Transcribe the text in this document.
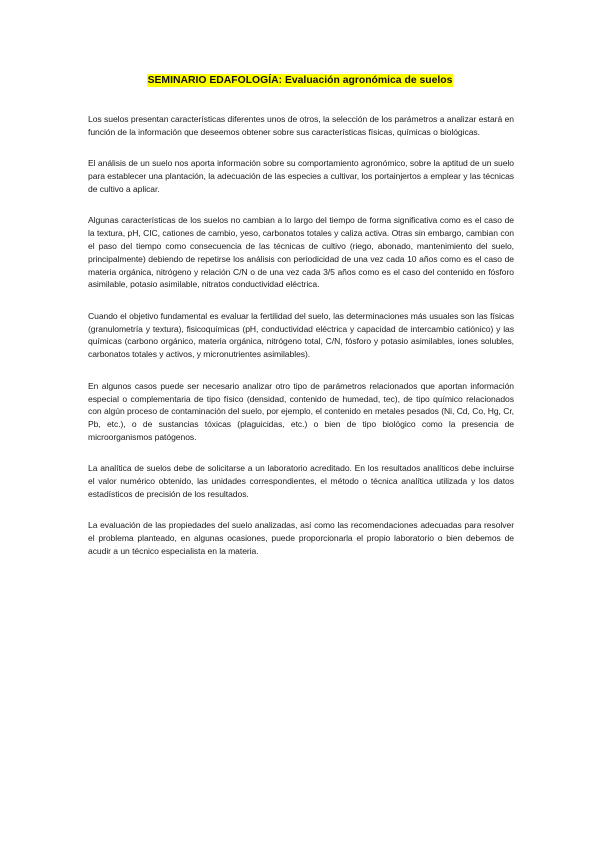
SEMINARIO EDAFOLOGÍA: Evaluación agronómica de suelos

Los suelos presentan características diferentes unos de otros, la selección de los parámetros a analizar estará en función de la información que deseemos obtener sobre sus características físicas, químicas o biológicas.

El análisis de un suelo nos aporta información sobre su comportamiento agronómico, sobre la aptitud de un suelo para establecer una plantación, la adecuación de las especies a cultivar, los portainjertos a emplear y las técnicas de cultivo a aplicar.

Algunas características de los suelos no cambian a lo largo del tiempo de forma significativa como es el caso de la textura, pH, CIC, cationes de cambio, yeso, carbonatos totales y caliza activa. Otras sin embargo, cambian con el paso del tiempo como consecuencia de las técnicas de cultivo (riego, abonado, mantenimiento del suelo, principalmente) debiendo de repetirse los análisis con periodicidad de una vez cada 10 años como es el caso de materia orgánica, nitrógeno y relación C/N o de una vez cada 3/5 años como es el caso del contenido en fósforo asimilable, potasio asimilable, nitratos conductividad eléctrica.

Cuando el objetivo fundamental es evaluar la fertilidad del suelo, las determinaciones más usuales son las físicas (granulometría y textura), fisicoquímicas (pH, conductividad eléctrica y capacidad de intercambio catiónico) y las químicas (carbono orgánico, materia orgánica, nitrógeno total, C/N, fósforo y potasio asimilables, iones solubles, carbonatos totales y activos, y micronutrientes asimilables).

En algunos casos puede ser necesario analizar otro tipo de parámetros relacionados que aportan información especial o complementaria de tipo físico (densidad, contenido de humedad, tec), de tipo químico relacionados con algún proceso de contaminación del suelo, por ejemplo, el contenido en metales pesados (Ni, Cd, Co, Hg, Cr, Pb, etc.), o de sustancias tóxicas (plaguicidas, etc.) o bien de tipo biológico como la presencia de microorganismos patógenos.

La analítica de suelos debe de solicitarse a un laboratorio acreditado. En los resultados analíticos debe incluirse el valor numérico obtenido, las unidades correspondientes, el método o técnica analítica utilizada y los datos estadísticos de precisión de los resultados.

La evaluación de las propiedades del suelo analizadas, así como las recomendaciones adecuadas para resolver el problema planteado, en algunas ocasiones, puede proporcionarla el propio laboratorio o bien debemos de acudir a un técnico especialista en la materia.
